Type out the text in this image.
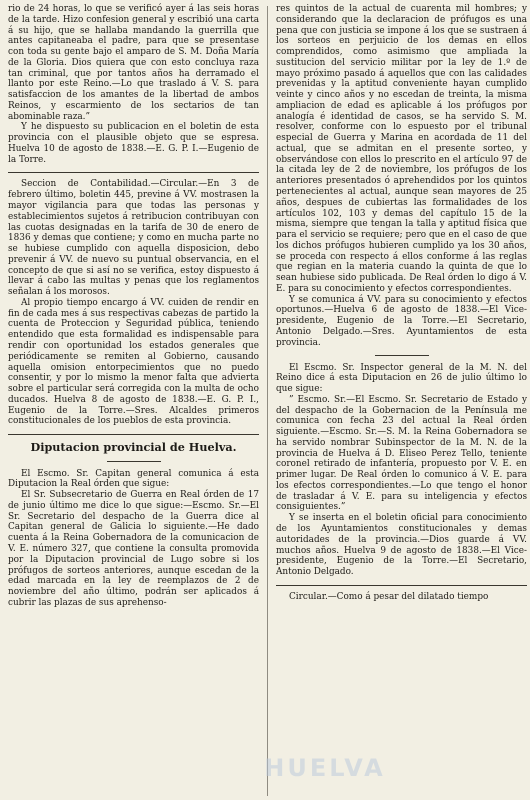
rio de 24 horas, lo que se verificó ayer á las seis horas de la tarde. Hizo confesion general y escribió una carta á su hijo, que se hallaba mandando la guerrilla que antes capitaneaba el padre, para que se presentase con toda su gente bajo el amparo de S. M. Doña María de la Gloria. Dios quiera que con esto concluya raza tan criminal, que por tantos años ha derramado el llanto por este Reino.—Lo que traslado á V. S. para satisfaccion de los amantes de la libertad de ambos Reinos, y escarmiento de los sectarios de tan abominable raza.”

Y he dispuesto su publicacion en el boletin de esta provincia con el plausible objeto que se espresa. Huelva 10 de agosto de 1838.—E. G. P. I.—Eugenio de la Torre.

Seccion de Contabilidad.—Circular.—En 3 de febrero último, boletin 445, previne á VV. mostrasen la mayor vigilancia para que todas las personas y establecimientos sujetos á retribucion contribuyan con las cuotas designadas en la tarifa de 30 de enero de 1836 y demas que contiene; y como en mucha parte no se hubiese cumplido con aquella disposicion, debo prevenir á VV. de nuevo su puntual observancia, en el concepto de que si así no se verifica, estoy dispuesto á llevar á cabo las multas y penas que los reglamentos señalan á los morosos.

Al propio tiempo encargo á VV. cuiden de rendir en fin de cada mes á sus respectivas cabezas de partido la cuenta de Proteccion y Seguridad pública, teniendo entendido que esta formalidad es indispensable para rendir con oportunidad los estados generales que periódicamente se remiten al Gobierno, causando aquella omision entorpecimientos que no puedo consentir, y por lo mismo la menor falta que advierta sobre el particular será corregida con la multa de ocho ducados. Huelva 8 de agosto de 1838.—E. G. P. I., Eugenio de la Torre.—Sres. Alcaldes primeros constitucionales de los pueblos de esta provincia.

Diputacion provincial de Huelva.

El Escmo. Sr. Capitan general comunica á esta Diputacion la Real órden que sigue:

El Sr. Subsecretario de Guerra en Real órden de 17 de junio último me dice lo que sigue:—Escmo. Sr.—El Sr. Secretario del despacho de la Guerra dice al Capitan general de Galicia lo siguiente.—He dado cuenta á la Reina Gobernadora de la comunicacion de V. E. número 327, que contiene la consulta promovida por la Diputacion provincial de Lugo sobre si los prófugos de sorteos anteriores, aunque escedan de la edad marcada en la ley de reemplazos de 2 de noviembre del año último, podrán ser aplicados á cubrir las plazas de sus aprehenso-

res quintos de la actual de cuarenta mil hombres; y considerando que la declaracion de prófugos es una pena que con justicia se impone á los que se sustraen á los sorteos en perjuicio de los demas en ellos comprendidos, como asimismo que ampliada la sustitucion del servicio militar por la ley de 1.º de mayo próximo pasado á aquellos que con las calidades prevenidas y la aptitud conveniente hayan cumplido veinte y cinco años y no escedan de treinta, la misma ampliacion de edad es aplicable á los prófugos por analogía é identidad de casos, se ha servido S. M. resolver, conforme con lo espuesto por el tribunal especial de Guerra y Marina en acordada de 11 del actual, que se admitan en el presente sorteo, y observándose con ellos lo prescrito en el artículo 97 de la citada ley de 2 de noviembre, los prófugos de los anteriores presentados ó aprehendidos por los quintos pertenecientes al actual, aunque sean mayores de 25 años, despues de cubiertas las formalidades de los artículos 102, 103 y demas del capítulo 15 de la misma, siempre que tengan la talla y aptitud física que para el servicio se requiere; pero que en el caso de que los dichos prófugos hubieren cumplido ya los 30 años, se proceda con respecto á ellos conforme á las reglas que regian en la materia cuando la quinta de que lo sean hubiese sido publicada. De Real órden lo digo á V. E. para su conocimiento y efectos correspondientes.

Y se comunica á VV. para su conocimiento y efectos oportunos.—Huelva 6 de agosto de 1838.—El Vice-presidente, Eugenio de la Torre.—El Secretario, Antonio Delgado.—Sres. Ayuntamientos de esta provincia.

El Escmo. Sr. Inspector general de la M. N. del Reino dice á esta Diputacion en 26 de julio último lo que sigue:

” Escmo. Sr.—El Escmo. Sr. Secretario de Estado y del despacho de la Gobernacion de la Península me comunica con fecha 23 del actual la Real órden siguiente.—Escmo. Sr.—S. M. la Reina Gobernadora se ha servido nombrar Subinspector de la M. N. de la provincia de Huelva á D. Eliseo Perez Tello, teniente coronel retirado de infantería, propuesto por V. E. en primer lugar. De Real órden lo comunico á V. E. para los efectos correspondientes.—Lo que tengo el honor de trasladar á V. E. para su inteligencia y efectos consiguientes.”

Y se inserta en el boletin oficial para conocimiento de los Ayuntamientos constitucionales y demas autoridades de la provincia.—Dios guarde á VV. muchos años. Huelva 9 de agosto de 1838.—El Vice-presidente, Eugenio de la Torre.—El Secretario, Antonio Delgado.

Circular.—Como á pesar del dilatado tiempo

HUELVA
